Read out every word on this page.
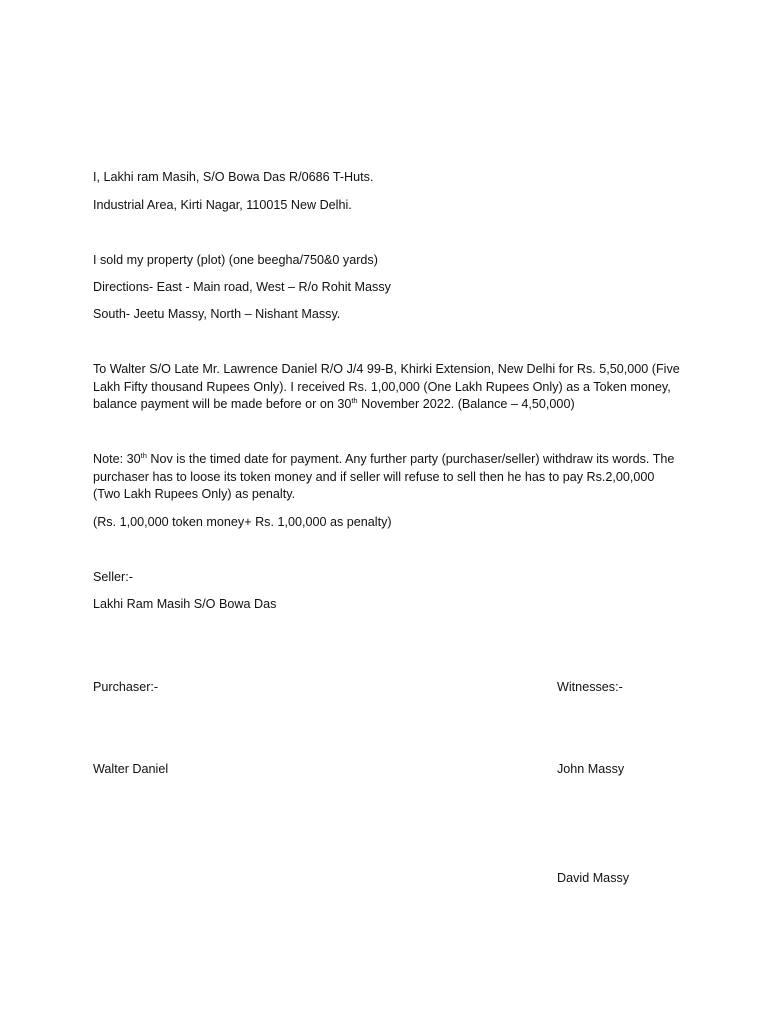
I, Lakhi ram Masih, S/O Bowa Das R/0686 T-Huts.
Industrial Area, Kirti Nagar, 110015 New Delhi.
I sold my property (plot) (one beegha/750&0 yards)
Directions- East - Main road, West – R/o Rohit Massy
South- Jeetu Massy, North – Nishant Massy.
To Walter S/O Late Mr. Lawrence Daniel R/O J/4 99-B, Khirki Extension, New Delhi for Rs. 5,50,000 (Five Lakh Fifty thousand Rupees Only). I received Rs. 1,00,000 (One Lakh Rupees Only) as a Token money, balance payment will be made before or on 30th November 2022. (Balance – 4,50,000)
Note: 30th Nov is the timed date for payment. Any further party (purchaser/seller) withdraw its words. The purchaser has to loose its token money and if seller will refuse to sell then he has to pay Rs.2,00,000 (Two Lakh Rupees Only) as penalty.
(Rs. 1,00,000 token money+ Rs. 1,00,000 as penalty)
Seller:-
Lakhi Ram Masih S/O Bowa Das
Purchaser:-	Witnesses:-
Walter Daniel	John Massy
David Massy
